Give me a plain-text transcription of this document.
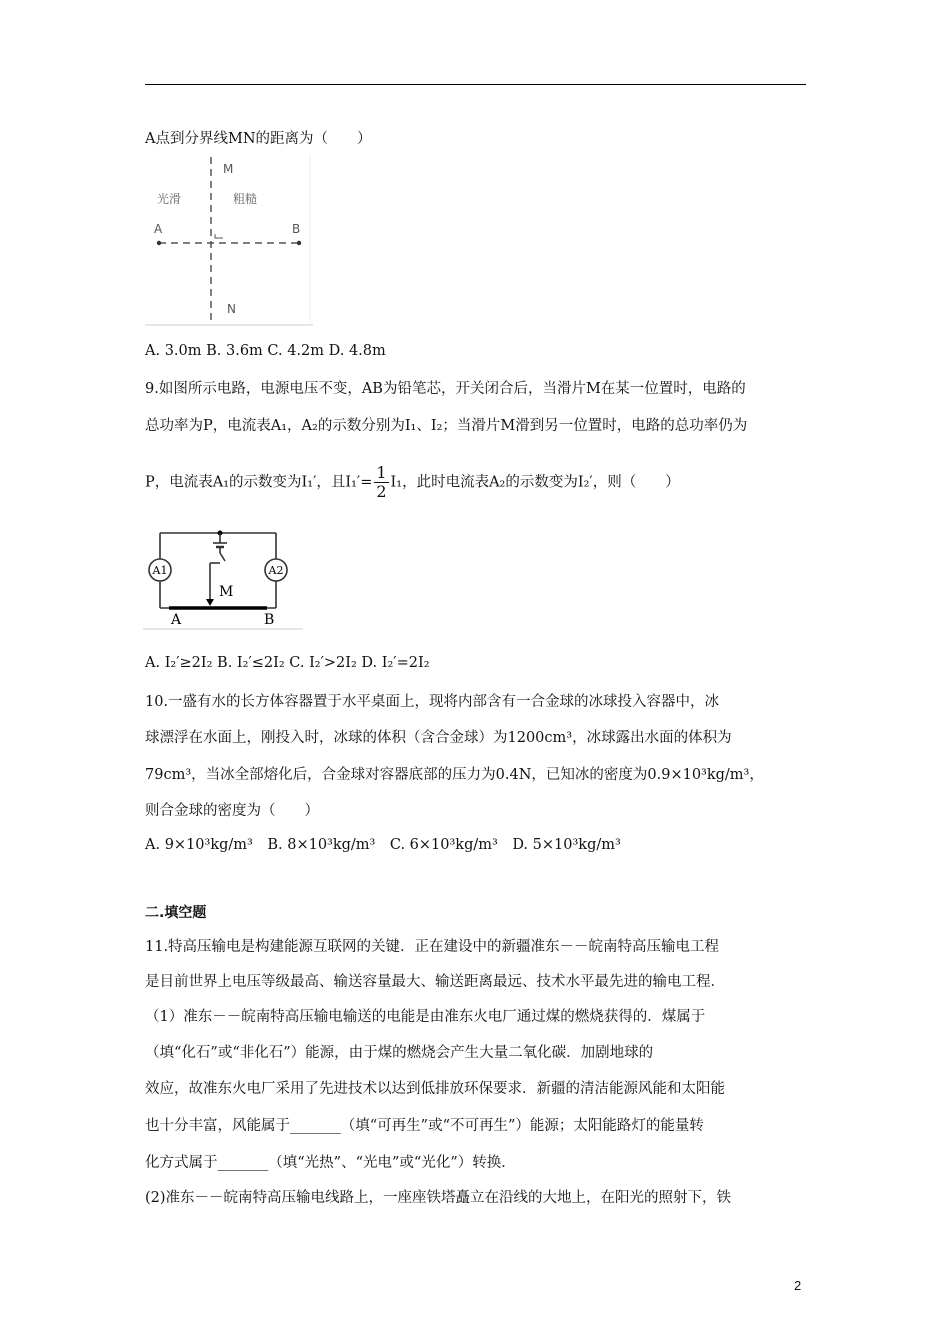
A点到分界线MN的距离为（　　）
光滑	粗糙
M
N
A	B
A. 3.0m B. 3.6m C. 4.2m D. 4.8m
9.如图所示电路，电源电压不变，AB为铅笔芯，开关闭合后，当滑片M在某一位置时，电路的
总功率为P，电流表A₁，A₂的示数分别为I₁、I₂；当滑片M滑到另一位置时，电路的总功率仍为
P，电流表A₁的示数变为I₁′，且$I_1'= \frac{1}{2} I_1$，此时电流表A₂的示数变为I₂′，则（　　）
A1	A2
M
A	B
A. I₂′≥2I₂ B. I₂′≤2I₂ C. I₂′>2I₂ D. I₂′=2I₂
10.一盛有水的长方体容器置于水平桌面上，现将内部含有一合金球的冰球投入容器中，冰
球漂浮在水面上，刚投入时，冰球的体积（含合金球）为1200cm³，冰球露出水面的体积为
79cm³，当冰全部熔化后，合金球对容器底部的压力为0.4N，已知冰的密度为0.9×10³kg/m³，
则合金球的密度为（　　）
A. 9×10³kg/m³　B. 8×10³kg/m³　C. 6×10³kg/m³　D. 5×10³kg/m³
二.填空题
11.特高压输电是构建能源互联网的关键．正在建设中的新疆准东－－皖南特高压输电工程
是目前世界上电压等级最高、输送容量最大、输送距离最远、技术水平最先进的输电工程．
（1）准东－－皖南特高压输电输送的电能是由准东火电厂通过煤的燃烧获得的．煤属于
（填“化石”或“非化石”）能源，由于煤的燃烧会产生大量二氧化碳．加剧地球的
效应，故准东火电厂采用了先进技术以达到低排放环保要求．新疆的清洁能源风能和太阳能
也十分丰富，风能属于_______（填“可再生”或“不可再生”）能源；太阳能路灯的能量转
化方式属于_______（填“光热”、“光电”或“光化”）转换．
(2)准东－－皖南特高压输电线路上，一座座铁塔矗立在沿线的大地上，在阳光的照射下，铁
2
